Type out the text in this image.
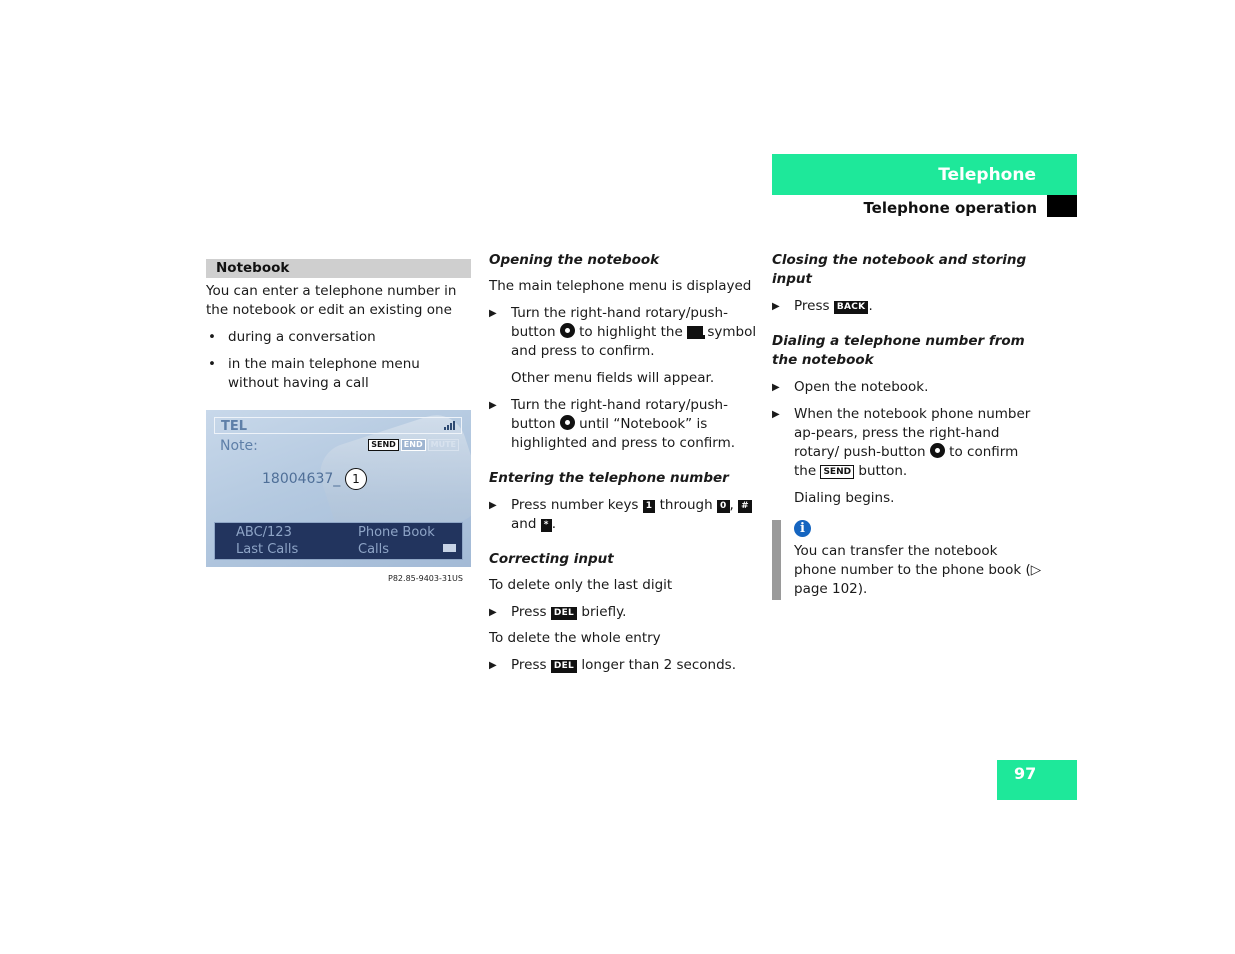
Telephone
Telephone operation
Notebook

You can enter a telephone number in the notebook or edit an existing one

• during a conversation
• in the main telephone menu without having a call
TEL
Note:	SEND END MUTE
18004637_ 1
ABC/123	Phone Book
Last Calls	Calls
P82.85-9403-31US

Opening the notebook

The main telephone menu is displayed

▶ Turn the right-hand rotary/push-button to highlight the symbol and press to confirm.

Other menu fields will appear.

▶ Turn the right-hand rotary/push-button until “Notebook” is highlighted and press to confirm.

Entering the telephone number

▶ Press number keys 1 through 0 , # and * .

Correcting input

To delete only the last digit

▶ Press DEL briefly.

To delete the whole entry

▶ Press DEL longer than 2 seconds.

Closing the notebook and storing input

▶ Press BACK .

Dialing a telephone number from
the notebook

▶ Open the notebook.
▶ When the notebook phone number ap-pears, press the right-hand rotary/ push-button to confirm the SEND button.

Dialing begins.

i

You can transfer the notebook phone number to the phone book (▷ page 102).

97
